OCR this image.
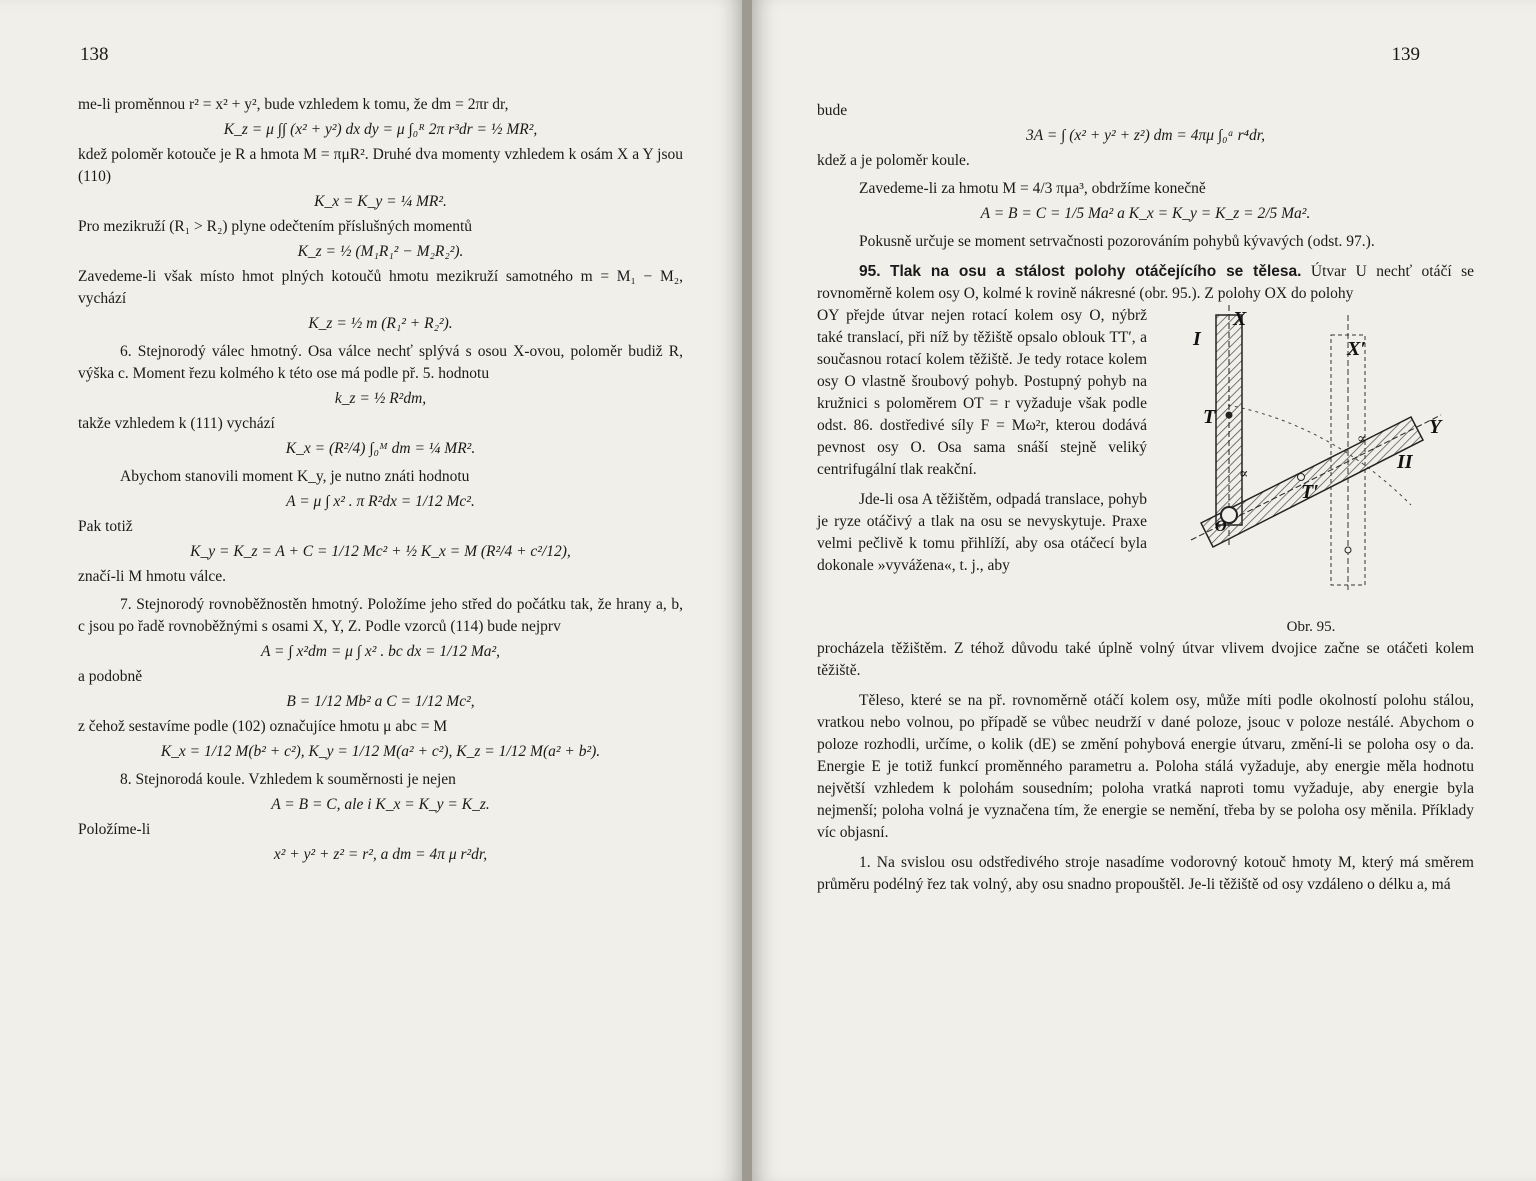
138

me-li proměnnou r² = x² + y², bude vzhledem k tomu, že dm = 2πr dr,

K_z = μ ∫∫ (x² + y²) dx dy = μ ∫₀ᴿ 2π r³dr = ½ MR²,

kdež poloměr kotouče je R a hmota M = πμR². Druhé dva momenty vzhledem k osám X a Y jsou (110)

K_x = K_y = ¼ MR².

Pro mezikruží (R₁ > R₂) plyne odečtením příslušných momentů

K_z = ½ (M₁R₁² − M₂R₂²).

Zavedeme-li však místo hmot plných kotoučů hmotu mezikruží samotného m = M₁ − M₂, vychází

K_z = ½ m (R₁² + R₂²).

6. Stejnorodý válec hmotný. Osa válce nechť splývá s osou X-ovou, poloměr budiž R, výška c. Moment řezu kolmého k této ose má podle př. 5. hodnotu

k_z = ½ R²dm,

takže vzhledem k (111) vychází

K_x = (R²/4) ∫₀ᴹ dm = ¼ MR².

Abychom stanovili moment K_y, je nutno znáti hodnotu

A = μ ∫ x² . π R²dx = 1/12 Mc².

Pak totiž

K_y = K_z = A + C = 1/12 Mc² + ½ K_x = M (R²/4 + c²/12),

značí-li M hmotu válce.

7. Stejnorodý rovnoběžnostěn hmotný. Položíme jeho střed do počátku tak, že hrany a, b, c jsou po řadě rovnoběžnými s osami X, Y, Z. Podle vzorců (114) bude nejprv

A = ∫ x²dm = μ ∫ x² . bc dx = 1/12 Ma²,

a podobně

B = 1/12 Mb² a C = 1/12 Mc²,

z čehož sestavíme podle (102) označujíce hmotu μ abc = M

K_x = 1/12 M(b² + c²), K_y = 1/12 M(a² + c²), K_z = 1/12 M(a² + b²).

8. Stejnorodá koule. Vzhledem k souměrnosti je nejen

A = B = C, ale i K_x = K_y = K_z.

Položíme-li

x² + y² + z² = r², a dm = 4π μ r²dr,
139

bude

3A = ∫ (x² + y² + z²) dm = 4πμ ∫₀ᵃ r⁴dr,

kdež a je poloměr koule.

Zavedeme-li za hmotu M = 4/3 πμa³, obdržíme konečně

A = B = C = 1/5 Ma² a K_x = K_y = K_z = 2/5 Ma².

Pokusně určuje se moment setrvačnosti pozorováním pohybů kývavých (odst. 97.).

95. Tlak na osu a stálost polohy otáčejícího se tělesa. Útvar U nechť otáčí se rovnoměrně kolem osy O, kolmé k rovině nákresné (obr. 95.). Z polohy OX do polohy

OY přejde útvar nejen rotací kolem osy O, nýbrž také translací, při níž by těžiště opsalo oblouk TT′, a současnou rotací kolem těžiště. Je tedy rotace kolem osy O vlastně šroubový pohyb. Postupný pohyb na kružnici s poloměrem OT = r vyžaduje však podle odst. 86. dostředivé síly F = Mω²r, kterou dodává pevnost osy O. Osa sama snáší stejně veliký centrifugální tlak reakční.

Jde-li osa A těžištěm, odpadá translace, pohyb je ryze otáčivý a tlak na osu se nevyskytuje. Praxe velmi pečlivě k tomu přihlíží, aby osa otáčecí byla dokonale »vyvážena«, t. j., aby

X
X′
Y
I
II
T
T′
O
∝
∝
Obr. 95.

procházela těžištěm. Z téhož důvodu také úplně volný útvar vlivem dvojice začne se otáčeti kolem těžiště.

Těleso, které se na př. rovnoměrně otáčí kolem osy, může míti podle okolností polohu stálou, vratkou nebo volnou, po případě se vůbec neudrží v dané poloze, jsouc v poloze nestálé. Abychom o poloze rozhodli, určíme, o kolik (dE) se změní pohybová energie útvaru, změní-li se poloha osy o da. Energie E je totiž funkcí proměnného parametru a. Poloha stálá vyžaduje, aby energie měla hodnotu největší vzhledem k polohám sousedním; poloha vratká naproti tomu vyžaduje, aby energie byla nejmenší; poloha volná je vyznačena tím, že energie se nemění, třeba by se poloha osy měnila. Příklady víc objasní.

1. Na svislou osu odstředivého stroje nasadíme vodorovný kotouč hmoty M, který má směrem průměru podélný řez tak volný, aby osu snadno propouštěl. Je-li těžiště od osy vzdáleno o délku a, má
